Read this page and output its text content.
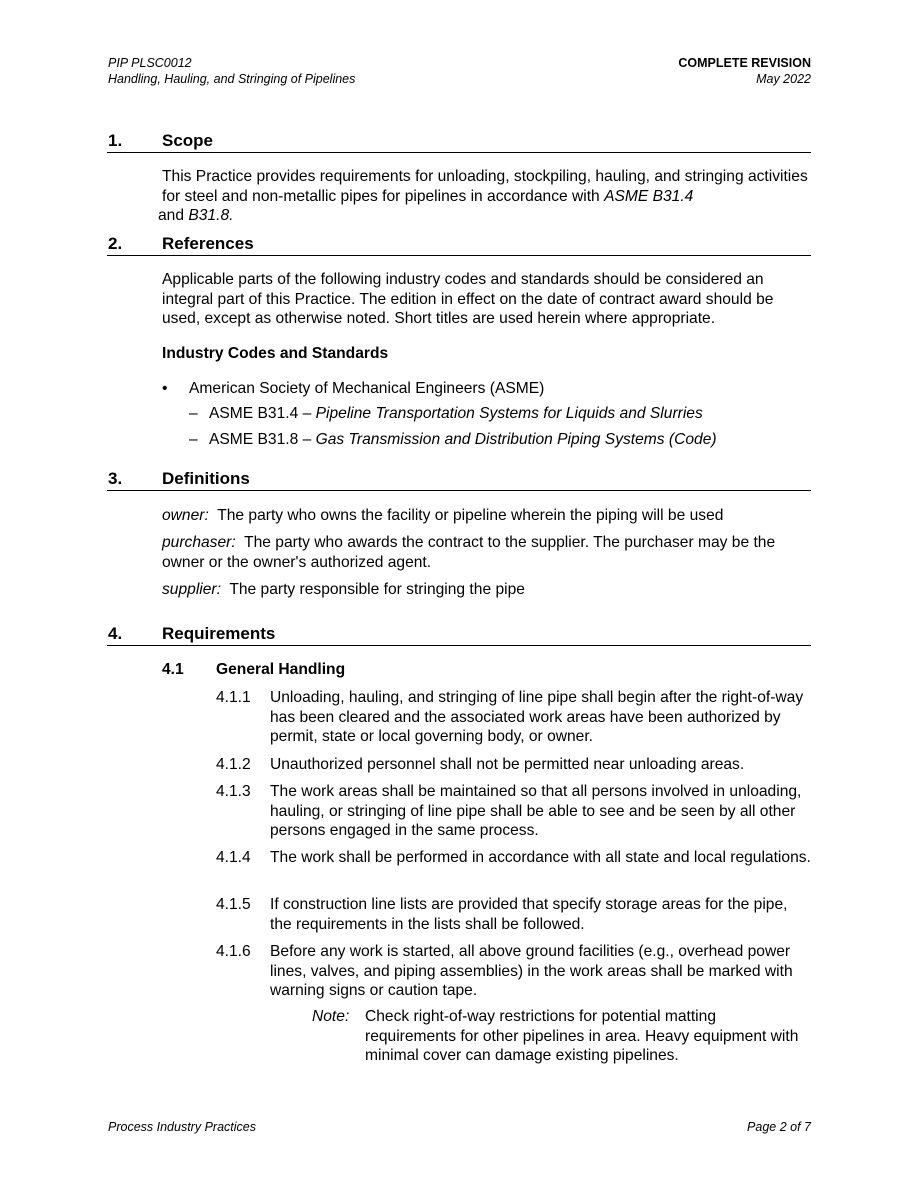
PIP PLSC0012
Handling, Hauling, and Stringing of Pipelines
COMPLETE REVISION
May 2022
1. Scope
This Practice provides requirements for unloading, stockpiling, hauling, and stringing activities for steel and non-metallic pipes for pipelines in accordance with ASME B31.4
and B31.8.
2. References
Applicable parts of the following industry codes and standards should be considered an integral part of this Practice. The edition in effect on the date of contract award should be used, except as otherwise noted. Short titles are used herein where appropriate.
Industry Codes and Standards
• American Society of Mechanical Engineers (ASME)
– ASME B31.4 – Pipeline Transportation Systems for Liquids and Slurries
– ASME B31.8 – Gas Transmission and Distribution Piping Systems (Code)
3. Definitions
owner: The party who owns the facility or pipeline wherein the piping will be used
purchaser: The party who awards the contract to the supplier. The purchaser may be the owner or the owner's authorized agent.
supplier: The party responsible for stringing the pipe
4. Requirements
4.1 General Handling
4.1.1 Unloading, hauling, and stringing of line pipe shall begin after the right-of-way has been cleared and the associated work areas have been authorized by permit, state or local governing body, or owner.
4.1.2 Unauthorized personnel shall not be permitted near unloading areas.
4.1.3 The work areas shall be maintained so that all persons involved in unloading, hauling, or stringing of line pipe shall be able to see and be seen by all other persons engaged in the same process.
4.1.4 The work shall be performed in accordance with all state and local regulations.
4.1.5 If construction line lists are provided that specify storage areas for the pipe, the requirements in the lists shall be followed.
4.1.6 Before any work is started, all above ground facilities (e.g., overhead power lines, valves, and piping assemblies) in the work areas shall be marked with warning signs or caution tape.
Note: Check right-of-way restrictions for potential matting requirements for other pipelines in area. Heavy equipment with minimal cover can damage existing pipelines.
Process Industry Practices	Page 2 of 7
